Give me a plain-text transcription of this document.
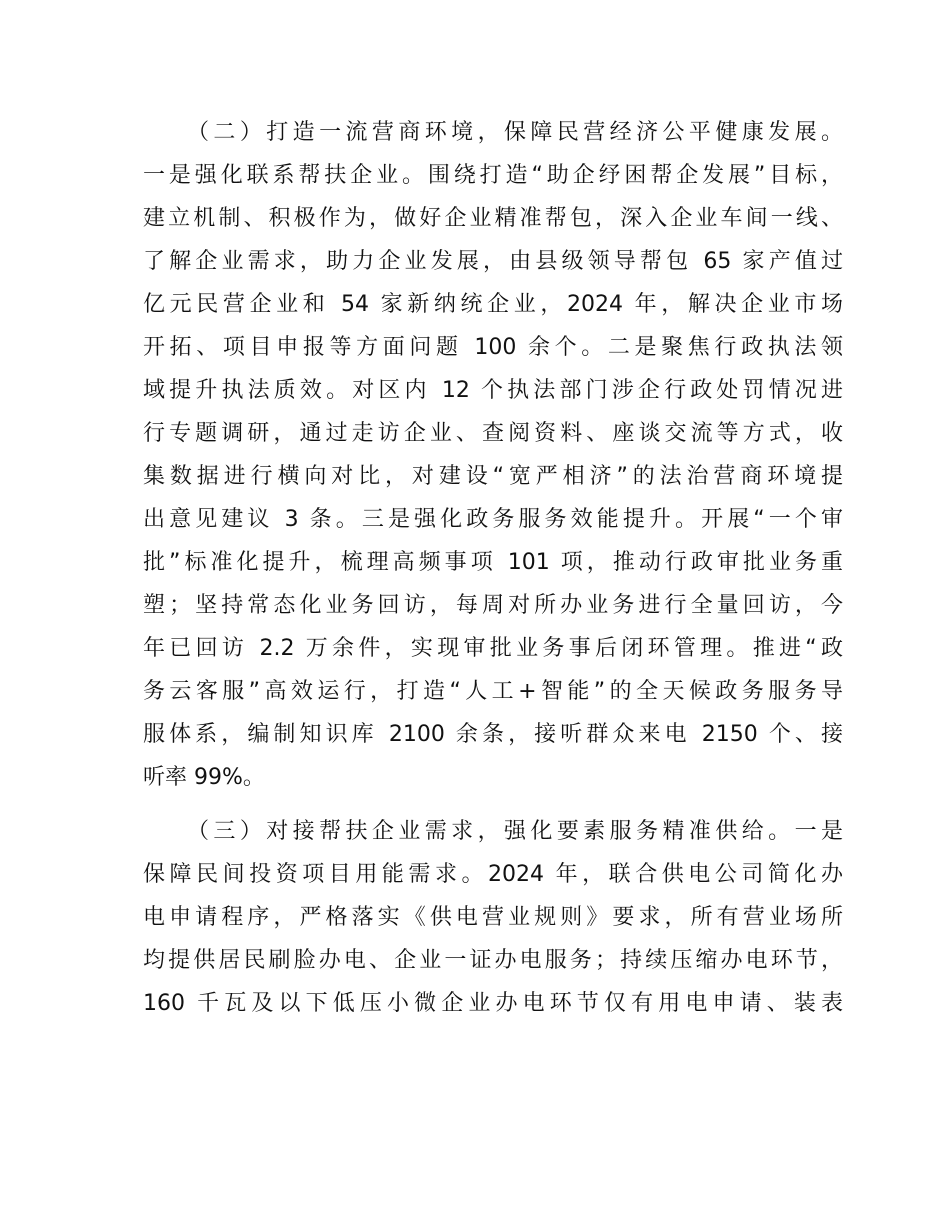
（二）打造一流营商环境，保障民营经济公平健康发展。

一是强化联系帮扶企业。围绕打造“助企纾困帮企发展”目标，

建立机制、积极作为，做好企业精准帮包，深入企业车间一线、

了解企业需求，助力企业发展，由县级领导帮包 65 家产值过

亿元民营企业和 54 家新纳统企业，2024 年，解决企业市场

开拓、项目申报等方面问题 100 余个。二是聚焦行政执法领

域提升执法质效。对区内 12 个执法部门涉企行政处罚情况进

行专题调研，通过走访企业、查阅资料、座谈交流等方式，收

集数据进行横向对比，对建设“宽严相济”的法治营商环境提

出意见建议 3 条。三是强化政务服务效能提升。开展“一个审

批”标准化提升，梳理高频事项 101 项，推动行政审批业务重

塑；坚持常态化业务回访，每周对所办业务进行全量回访，今

年已回访 2.2 万余件，实现审批业务事后闭环管理。推进“政

务云客服”高效运行，打造“人工+智能”的全天候政务服务导

服体系，编制知识库 2100 余条，接听群众来电 2150 个、接

听率 99%。

（三）对接帮扶企业需求，强化要素服务精准供给。一是

保障民间投资项目用能需求。2024 年，联合供电公司简化办

电申请程序，严格落实《供电营业规则》要求，所有营业场所

均提供居民刷脸办电、企业一证办电服务；持续压缩办电环节，

160 千瓦及以下低压小微企业办电环节仅有用电申请、装表
